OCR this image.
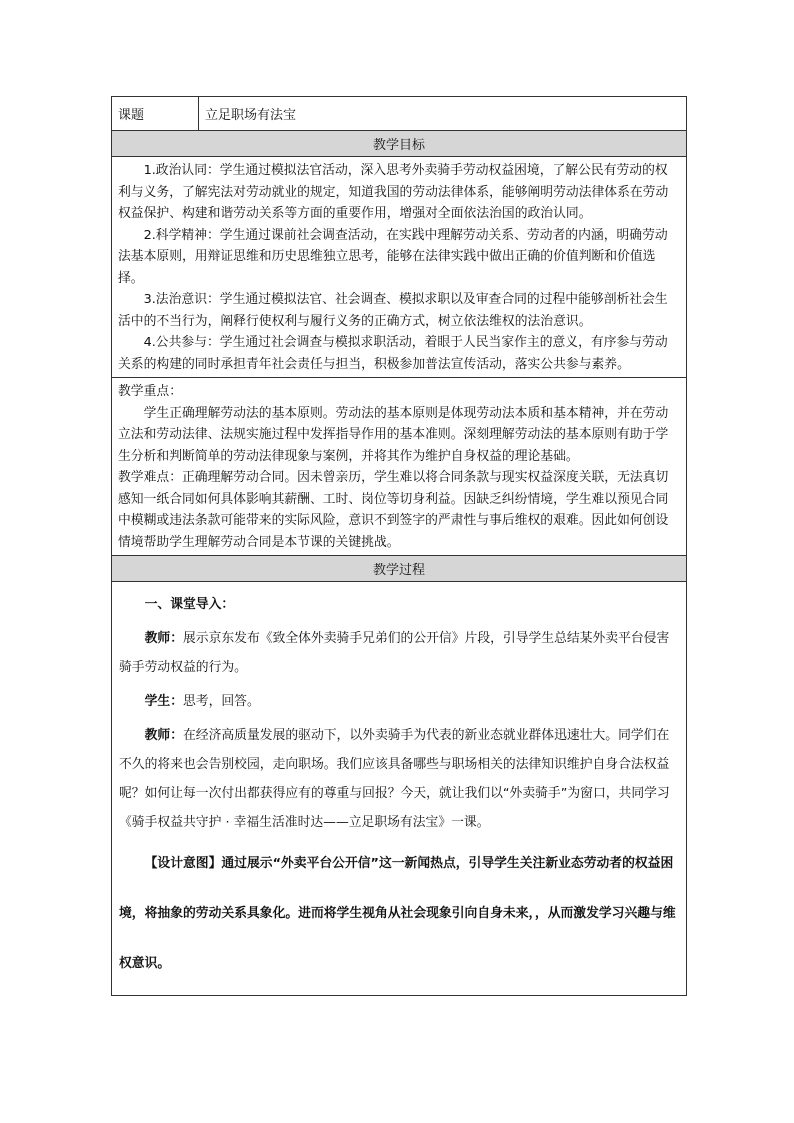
课题	立足职场有法宝
教学目标

1.政治认同：学生通过模拟法官活动，深入思考外卖骑手劳动权益困境，了解公民有劳动的权利与义务，了解宪法对劳动就业的规定，知道我国的劳动法律体系，能够阐明劳动法律体系在劳动权益保护、构建和谐劳动关系等方面的重要作用，增强对全面依法治国的政治认同。

2.科学精神：学生通过课前社会调查活动，在实践中理解劳动关系、劳动者的内涵，明确劳动法基本原则，用辩证思维和历史思维独立思考，能够在法律实践中做出正确的价值判断和价值选择。

3.法治意识：学生通过模拟法官、社会调查、模拟求职以及审查合同的过程中能够剖析社会生活中的不当行为，阐释行使权利与履行义务的正确方式，树立依法维权的法治意识。

4.公共参与：学生通过社会调查与模拟求职活动，着眼于人民当家作主的意义，有序参与劳动关系的构建的同时承担青年社会责任与担当，积极参加普法宣传活动，落实公共参与素养。

教学重点：

学生正确理解劳动法的基本原则。劳动法的基本原则是体现劳动法本质和基本精神，并在劳动立法和劳动法律、法规实施过程中发挥指导作用的基本准则。深刻理解劳动法的基本原则有助于学生分析和判断简单的劳动法律现象与案例，并将其作为维护自身权益的理论基础。

教学难点：正确理解劳动合同。因未曾亲历，学生难以将合同条款与现实权益深度关联，无法真切感知一纸合同如何具体影响其薪酬、工时、岗位等切身利益。因缺乏纠纷情境，学生难以预见合同中模糊或违法条款可能带来的实际风险，意识不到签字的严肃性与事后维权的艰难。因此如何创设情境帮助学生理解劳动合同是本节课的关键挑战。

教学过程

一、课堂导入：

教师：展示京东发布《致全体外卖骑手兄弟们的公开信》片段，引导学生总结某外卖平台侵害骑手劳动权益的行为。

学生：思考，回答。

教师：在经济高质量发展的驱动下，以外卖骑手为代表的新业态就业群体迅速壮大。同学们在不久的将来也会告别校园，走向职场。我们应该具备哪些与职场相关的法律知识维护自身合法权益呢？如何让每一次付出都获得应有的尊重与回报？今天，就让我们以“外卖骑手”为窗口，共同学习《骑手权益共守护 · 幸福生活准时达——立足职场有法宝》一课。

【设计意图】通过展示“外卖平台公开信”这一新闻热点，引导学生关注新业态劳动者的权益困境，将抽象的劳动关系具象化。进而将学生视角从社会现象引向自身未来，，从而激发学习兴趣与维权意识。
